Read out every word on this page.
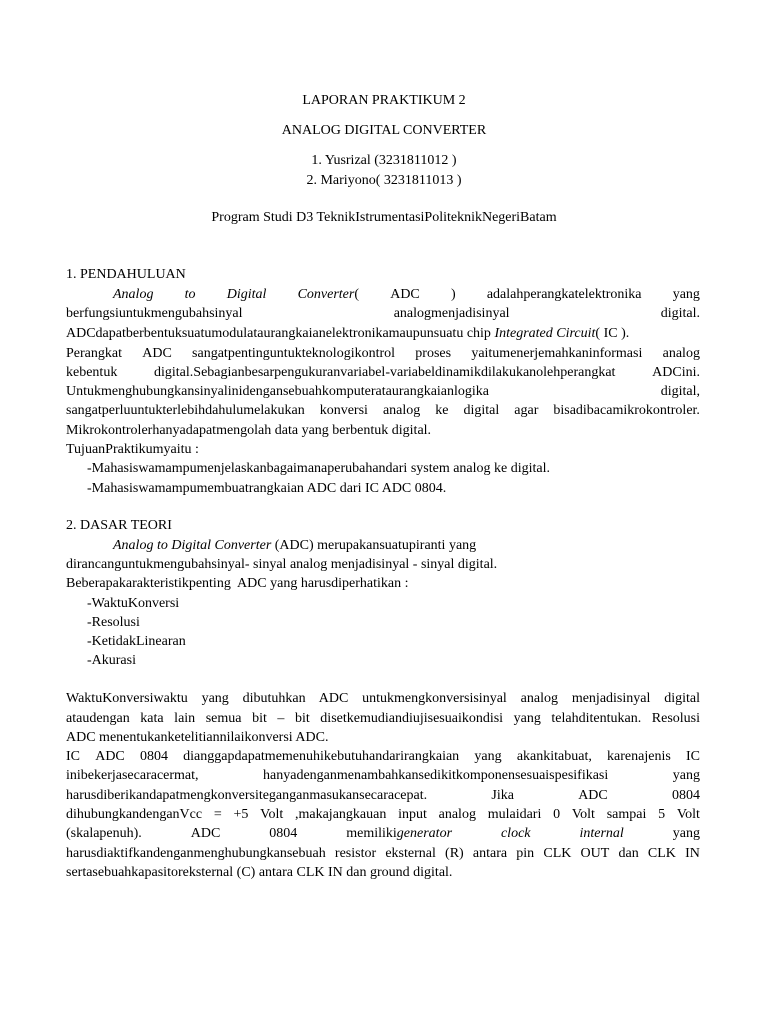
LAPORAN PRAKTIKUM 2
ANALOG DIGITAL CONVERTER
1. Yusrizal (3231811012 )
2. Mariyono( 3231811013 )
Program Studi D3 TeknikIstrumentasiPoliteknikNegeriBatam
1. PENDAHULUAN
Analog to Digital Converter( ADC ) adalahperangkatelektronika yang
berfungsiuntukmengubahsinyal	analogmenjadisinyal	digital.
ADCdapatberbentuksuatumodulataurangkaianelektronikamaupunsuatu chip Integrated Circuit( IC ).
Perangkat ADC sangatpentinguntukteknologikontrol proses yaitumenerjemahkaninformasi analog
kebentuk	digital.Sebagianbesarpengukuranvariabel-variabeldinamikdilakukanolehperangkat	ADCini.
Untukmenghubungkansinyalinidengansebuahkomputerataurangkaianlogika	digital,
sangatperluuntukterlebihdahulumelakukan konversi analog ke digital agar bisadibacamikrokontroler.
Mikrokontrolerhanyadapatmengolah data yang berbentuk digital.
TujuanPraktikumyaitu :
-Mahasiswamampumenjelaskanbagaimanaperubahandari system analog ke digital.
-Mahasiswamampumembuatrangkaian ADC dari IC ADC 0804.
2. DASAR TEORI
Analog to Digital Converter (ADC) merupakansuatupiranti yang
dirancanguntukmengubahsinyal- sinyal analog menjadisinyal - sinyal digital.
Beberapakarakteristikpenting  ADC yang harusdiperhatikan :
-WaktuKonversi
-Resolusi
-KetidakLinearan
-Akurasi
WaktuKonversiwaktu yang dibutuhkan ADC untukmengkonversisinyal analog menjadisinyal digital
ataudengan kata lain semua bit – bit disetkemudiandiujisesuaikondisi yang telahditentukan. Resolusi
ADC menentukanketelitiannilaikonversi ADC.
IC ADC 0804 dianggapdapatmemenuhikebutuhandarirangkaian yang akankitabuat, karenajenis IC
inibekerjasecaracermat,	hanyadenganmenambahkansedikitkomponensesuaispesifikasi	yang
harusdiberikandapatmengkonversiteganganmasukansecaracepat.	Jika	ADC	0804
dihubungkandenganVcc = +5 Volt ,makajangkauan input analog mulaidari 0 Volt sampai 5 Volt
(skalapenuh).	ADC	0804	memilikigenerator	clock	internal	yang
harusdiaktifkandenganmenghubungkansebuah resistor eksternal (R) antara pin CLK OUT dan CLK IN
sertasebuahkapasitoreksternal (C) antara CLK IN dan ground digital.
